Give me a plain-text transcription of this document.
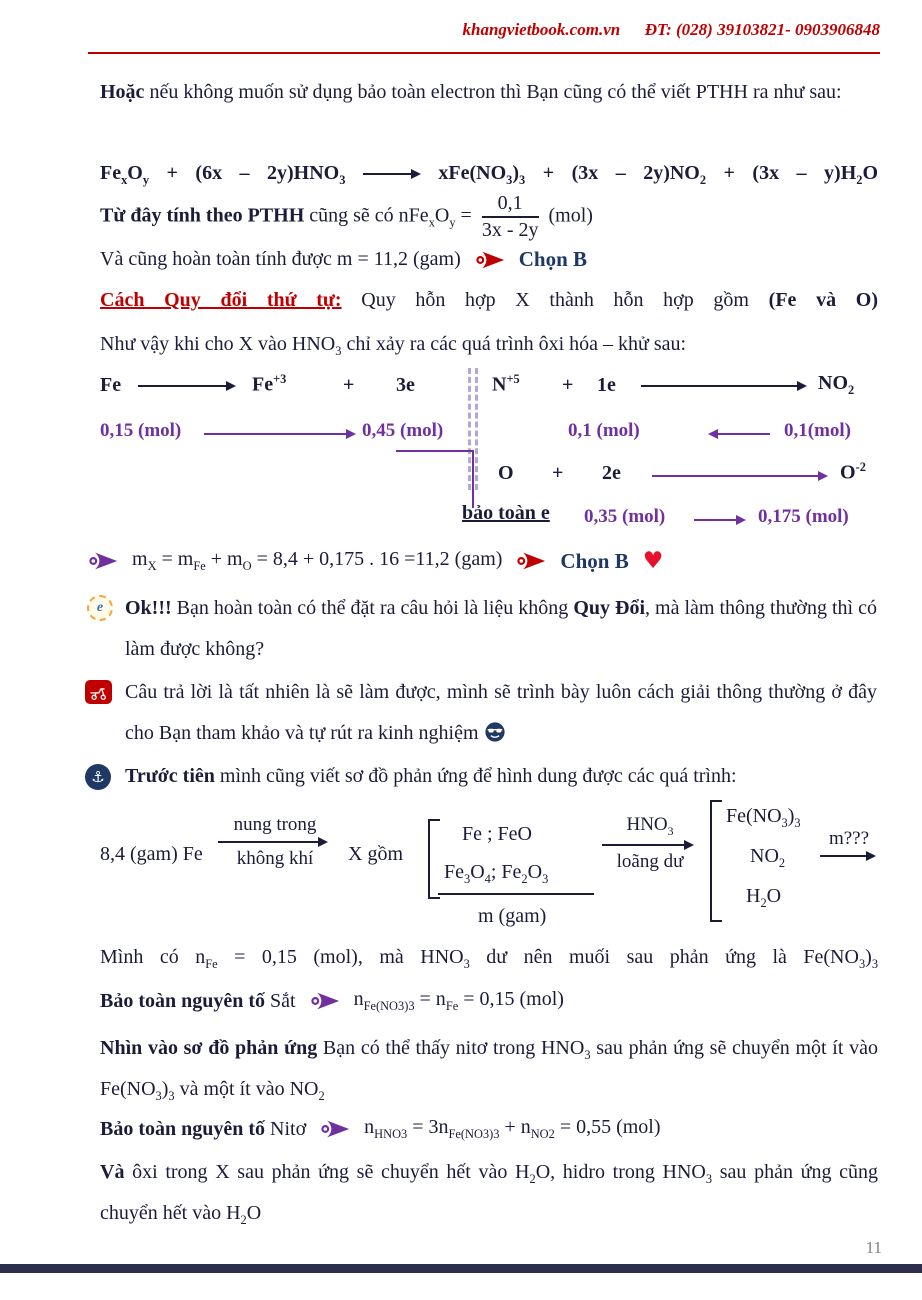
khangvietbook.com.vn ĐT: (028) 39103821- 0903906848
Hoặc nếu không muốn sử dụng bảo toàn electron thì Bạn cũng có thể viết PTHH ra như sau:
$Fe_xO_y + (6x - 2y)HNO_3$	$xFe(NO_3)_3 + (3x - 2y)NO_2 + (3x - y)H_2O$
Từ đây tính theo PTHH cũng sẽ có $nFe_xO_y = \frac{0,1}{3x - 2y} (mol)$
Và cũng hoàn toàn tính được m = 11,2 (gam)	Chọn B
Cách Quy đổi thứ tự: Quy hỗn hợp X thành hỗn hợp gồm (Fe và O)
Như vậy khi cho X vào $HNO_3$ chỉ xảy ra các quá trình ôxi hóa – khử sau:
Fe	$Fe^{+3}$	+ 3e	$N^{+5} + 1e$	$NO_2$
0,15 (mol)	0,45 (mol)	0,1 (mol)	0,1(mol)
O + 2e	$O^{-2}$
bảo toàn e 0,35 (mol)	0,175 (mol)
$m_X = m_{Fe} + m_O = 8,4 + 0,175$ . 16 =11,2 (gam)	Chọn B ♥
e	Ok!!! Bạn hoàn toàn có thể đặt ra câu hỏi là liệu không Quy Đổi, mà làm thông thường thì có làm được không?
Câu trả lời là tất nhiên là sẽ làm được, mình sẽ trình bày luôn cách giải thông thường ở đây cho Bạn tham khảo và tự rút ra kinh nghiệm
⚓	Trước tiên mình cũng viết sơ đồ phản ứng để hình dung được các quá trình:
8,4 (gam) Fe
nung trong
không khí X gồm
Fe ; FeO
$Fe_3O_4$; $Fe_2O_3$
m (gam)
$HNO_3$
loãng dư
$Fe(NO_3)_3$
$NO_2$
$H_2O$
m???
Mình có $n_{Fe} = 0,15$ (mol), mà $HNO_3$ dư nên muối sau phản ứng là $Fe(NO_3)_3$
Bảo toàn nguyên tố Sắt	$n_{Fe(NO3)3} = n_{Fe} = 0,15$ (mol)
Nhìn vào sơ đồ phản ứng Bạn có thể thấy nitơ trong $HNO_3$ sau phản ứng sẽ chuyển một ít vào $Fe(NO_3)_3$ và một ít vào $NO_2$
Bảo toàn nguyên tố Nitơ	$n_{HNO3} = 3n_{Fe(NO3)3} + n_{NO2} = 0,55$ (mol)
Và ôxi trong X sau phản ứng sẽ chuyển hết vào $H_2O$, hidro trong $HNO_3$ sau phản ứng cũng chuyển hết vào $H_2O$
11
